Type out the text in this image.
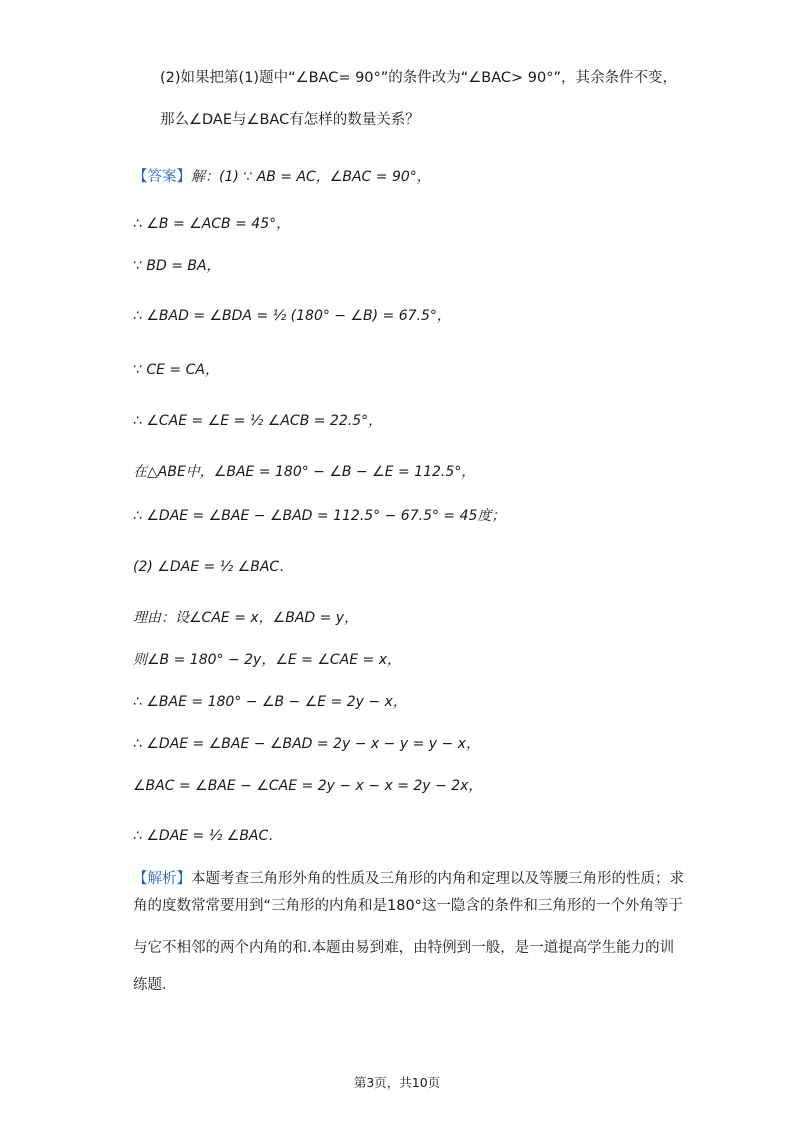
(2)如果把第(1)题中“∠BAC= 90°”的条件改为“∠BAC> 90°”，其余条件不变，
那么∠DAE与∠BAC有怎样的数量关系？
【答案】解：(1) ∵ AB = AC，∠BAC = 90°，
∴ ∠B = ∠ACB = 45°，
∵ BD = BA，
∴ ∠BAD = ∠BDA = ½ (180° − ∠B) = 67.5°，
∵ CE = CA，
∴ ∠CAE = ∠E = ½ ∠ACB = 22.5°，
在△ABE中，∠BAE = 180° − ∠B − ∠E = 112.5°，
∴ ∠DAE = ∠BAE − ∠BAD = 112.5° − 67.5° = 45度；
(2) ∠DAE = ½ ∠BAC．
理由：设∠CAE = x，∠BAD = y，
则∠B = 180° − 2y，∠E = ∠CAE = x，
∴ ∠BAE = 180° − ∠B − ∠E = 2y − x，
∴ ∠DAE = ∠BAE − ∠BAD = 2y − x − y = y − x，
∠BAC = ∠BAE − ∠CAE = 2y − x − x = 2y − 2x，
∴ ∠DAE = ½ ∠BAC．
【解析】本题考查三角形外角的性质及三角形的内角和定理以及等腰三角形的性质；求
角的度数常常要用到“三角形的内角和是180°这一隐含的条件和三角形的一个外角等于
与它不相邻的两个内角的和.本题由易到难，由特例到一般，是一道提高学生能力的训
练题．
第3页，共10页
